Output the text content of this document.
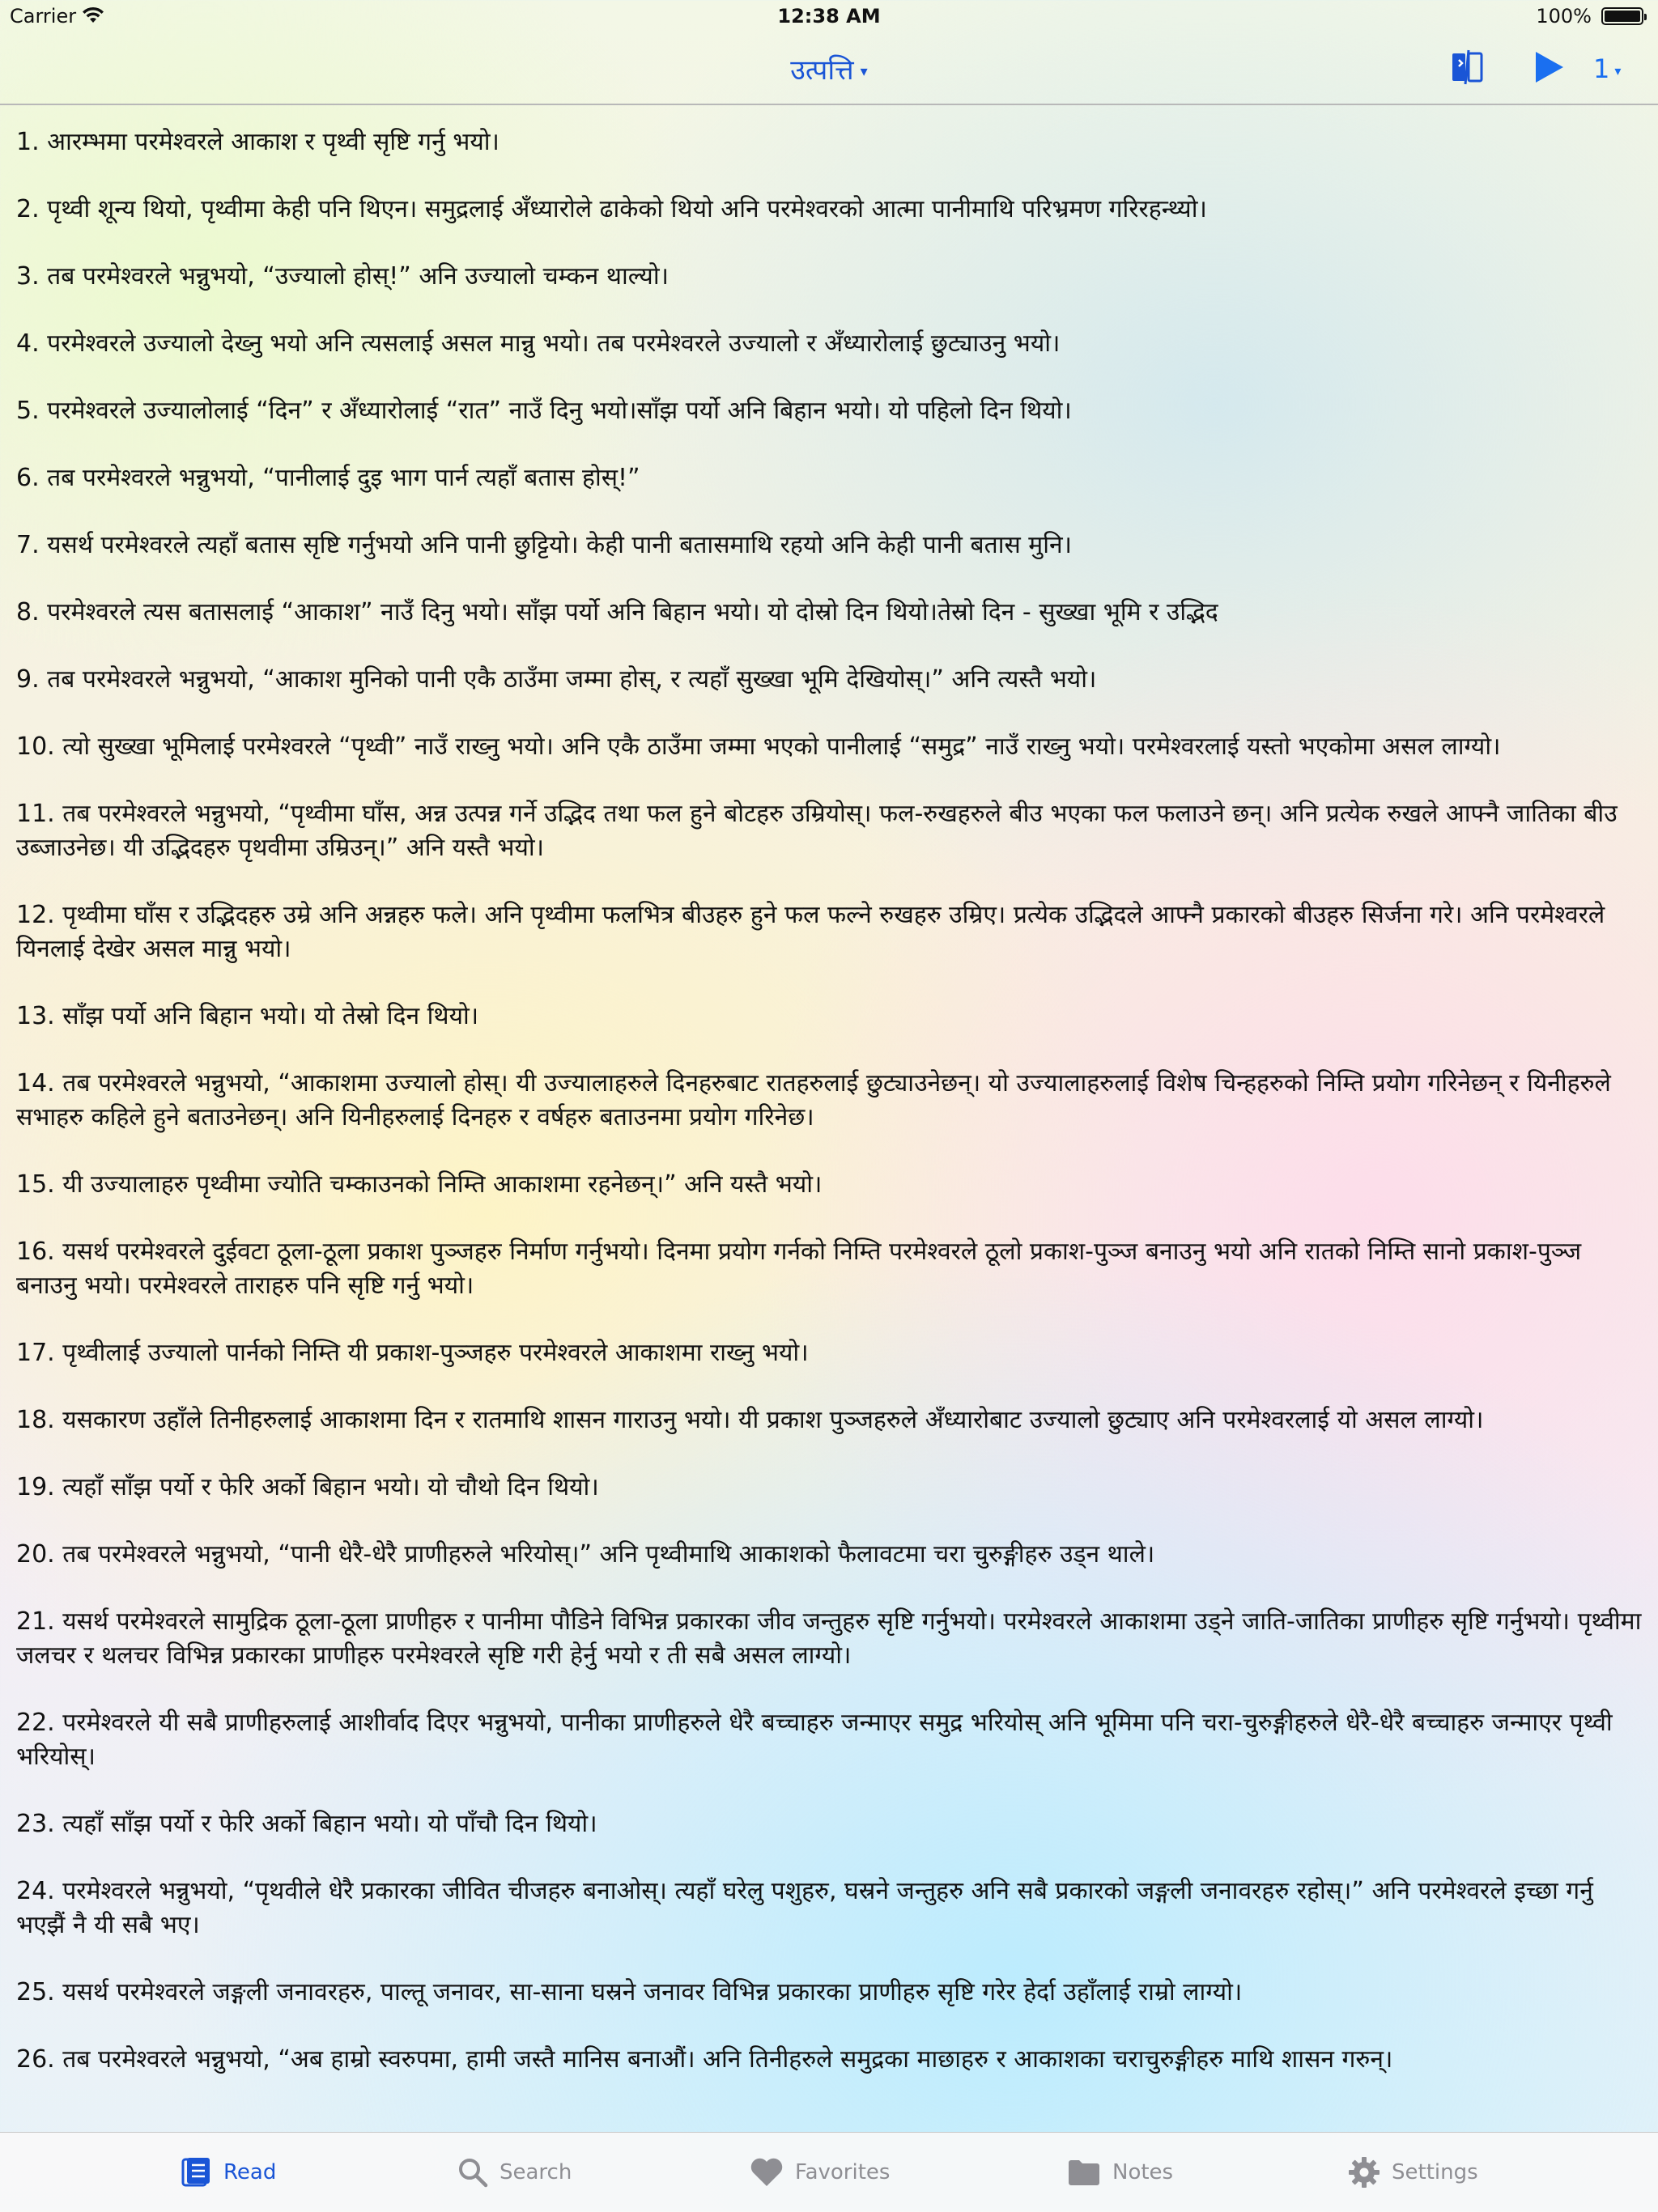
Carrier	12:38 AM	100%
उत्पत्ति ▾	1 ▾

1. आरम्भमा परमेश्वरले आकाश र पृथ्वी सृष्टि गर्नु भयो।

2. पृथ्वी शून्य थियो, पृथ्वीमा केही पनि थिएन। समुद्रलाई अँध्यारोले ढाकेको थियो अनि परमेश्वरको आत्मा पानीमाथि परिभ्रमण गरिरहन्थ्यो।

3. तब परमेश्वरले भन्नुभयो, “उज्यालो होस्!” अनि उज्यालो चम्कन थाल्यो।

4. परमेश्वरले उज्यालो देख्नु भयो अनि त्यसलाई असल मान्नु भयो। तब परमेश्वरले उज्यालो र अँध्यारोलाई छुट्याउनु भयो।

5. परमेश्वरले उज्यालोलाई “दिन” र अँध्यारोलाई “रात” नाउँ दिनु भयो।साँझ पर्यो अनि बिहान भयो। यो पहिलो दिन थियो।

6. तब परमेश्वरले भन्नुभयो, “पानीलाई दुइ भाग पार्न त्यहाँ बतास होस्!”

7. यसर्थ परमेश्वरले त्यहाँ बतास सृष्टि गर्नुभयो अनि पानी छुट्टियो। केही पानी बतासमाथि रहयो अनि केही पानी बतास मुनि।

8. परमेश्वरले त्यस बतासलाई “आकाश” नाउँ दिनु भयो। साँझ पर्यो अनि बिहान भयो। यो दोस्रो दिन थियो।तेस्रो दिन - सुख्खा भूमि र उद्भिद

9. तब परमेश्वरले भन्नुभयो, “आकाश मुनिको पानी एकै ठाउँमा जम्मा होस्, र त्यहाँ सुख्खा भूमि देखियोस्।” अनि त्यस्तै भयो।

10. त्यो सुख्खा भूमिलाई परमेश्वरले “पृथ्वी” नाउँ राख्नु भयो। अनि एकै ठाउँमा जम्मा भएको पानीलाई “समुद्र” नाउँ राख्नु भयो। परमेश्वरलाई यस्तो भएकोमा असल लाग्यो।

11. तब परमेश्वरले भन्नुभयो, “पृथ्वीमा घाँस, अन्न उत्पन्न गर्ने उद्भिद तथा फल हुने बोटहरु उम्रियोस्। फल-रुखहरुले बीउ भएका फल फलाउने छन्। अनि प्रत्येक रुखले आफ्नै जातिका बीउ उब्जाउनेछ। यी उद्भिदहरु पृथवीमा उम्रिउन्।” अनि यस्तै भयो।

12. पृथ्वीमा घाँस र उद्भिदहरु उम्रे अनि अन्नहरु फले। अनि पृथ्वीमा फलभित्र बीउहरु हुने फल फल्ने रुखहरु उम्रिए। प्रत्येक उद्भिदले आफ्नै प्रकारको बीउहरु सिर्जना गरे। अनि परमेश्वरले यिनलाई देखेर असल मान्नु भयो।

13. साँझ पर्यो अनि बिहान भयो। यो तेस्रो दिन थियो।

14. तब परमेश्वरले भन्नुभयो, “आकाशमा उज्यालो होस्। यी उज्यालाहरुले दिनहरुबाट रातहरुलाई छुट्याउनेछन्। यो उज्यालाहरुलाई विशेष चिन्हहरुको निम्ति प्रयोग गरिनेछन् र यिनीहरुले सभाहरु कहिले हुने बताउनेछन्। अनि यिनीहरुलाई दिनहरु र वर्षहरु बताउनमा प्रयोग गरिनेछ।

15. यी उज्यालाहरु पृथ्वीमा ज्योति चम्काउनको निम्ति आकाशमा रहनेछन्।” अनि यस्तै भयो।

16. यसर्थ परमेश्वरले दुईवटा ठूला-ठूला प्रकाश पुञ्जहरु निर्माण गर्नुभयो। दिनमा प्रयोग गर्नको निम्ति परमेश्वरले ठूलो प्रकाश-पुञ्ज बनाउनु भयो अनि रातको निम्ति सानो प्रकाश-पुञ्ज बनाउनु भयो। परमेश्वरले ताराहरु पनि सृष्टि गर्नु भयो।

17. पृथ्वीलाई उज्यालो पार्नको निम्ति यी प्रकाश-पुञ्जहरु परमेश्वरले आकाशमा राख्नु भयो।

18. यसकारण उहाँले तिनीहरुलाई आकाशमा दिन र रातमाथि शासन गाराउनु भयो। यी प्रकाश पुञ्जहरुले अँध्यारोबाट उज्यालो छुट्याए अनि परमेश्वरलाई यो असल लाग्यो।

19. त्यहाँ साँझ पर्यो र फेरि अर्को बिहान भयो। यो चौथो दिन थियो।

20. तब परमेश्वरले भन्नुभयो, “पानी धेरै-धेरै प्राणीहरुले भरियोस्।” अनि पृथ्वीमाथि आकाशको फैलावटमा चरा चुरुङ्गीहरु उड्न थाले।

21. यसर्थ परमेश्वरले सामुद्रिक ठूला-ठूला प्राणीहरु र पानीमा पौडिने विभिन्न प्रकारका जीव जन्तुहरु सृष्टि गर्नुभयो। परमेश्वरले आकाशमा उड्ने जाति-जातिका प्राणीहरु सृष्टि गर्नुभयो। पृथ्वीमा जलचर र थलचर विभिन्न प्रकारका प्राणीहरु परमेश्वरले सृष्टि गरी हेर्नु भयो र ती सबै असल लाग्यो।

22. परमेश्वरले यी सबै प्राणीहरुलाई आशीर्वाद दिएर भन्नुभयो, पानीका प्राणीहरुले धेरै बच्चाहरु जन्माएर समुद्र भरियोस् अनि भूमिमा पनि चरा-चुरुङ्गीहरुले धेरै-धेरै बच्चाहरु जन्माएर पृथ्वी भरियोस्।

23. त्यहाँ साँझ पर्यो र फेरि अर्को बिहान भयो। यो पाँचौ दिन थियो।

24. परमेश्वरले भन्नुभयो, “पृथवीले धेरै प्रकारका जीवित चीजहरु बनाओस्। त्यहाँ घरेलु पशुहरु, घस्रने जन्तुहरु अनि सबै प्रकारको जङ्गली जनावरहरु रहोस्।” अनि परमेश्वरले इच्छा गर्नु भएझैं नै यी सबै भए।

25. यसर्थ परमेश्वरले जङ्गली जनावरहरु, पाल्तू जनावर, सा-साना घस्रने जनावर विभिन्न प्रकारका प्राणीहरु सृष्टि गरेर हेर्दा उहाँलाई राम्रो लाग्यो।

26. तब परमेश्वरले भन्नुभयो, “अब हाम्रो स्वरुपमा, हामी जस्तै मानिस बनाऔं। अनि तिनीहरुले समुद्रका माछाहरु र आकाशका चराचुरुङ्गीहरु माथि शासन गरुन्।

Read	Search	Favorites	Notes	Settings
